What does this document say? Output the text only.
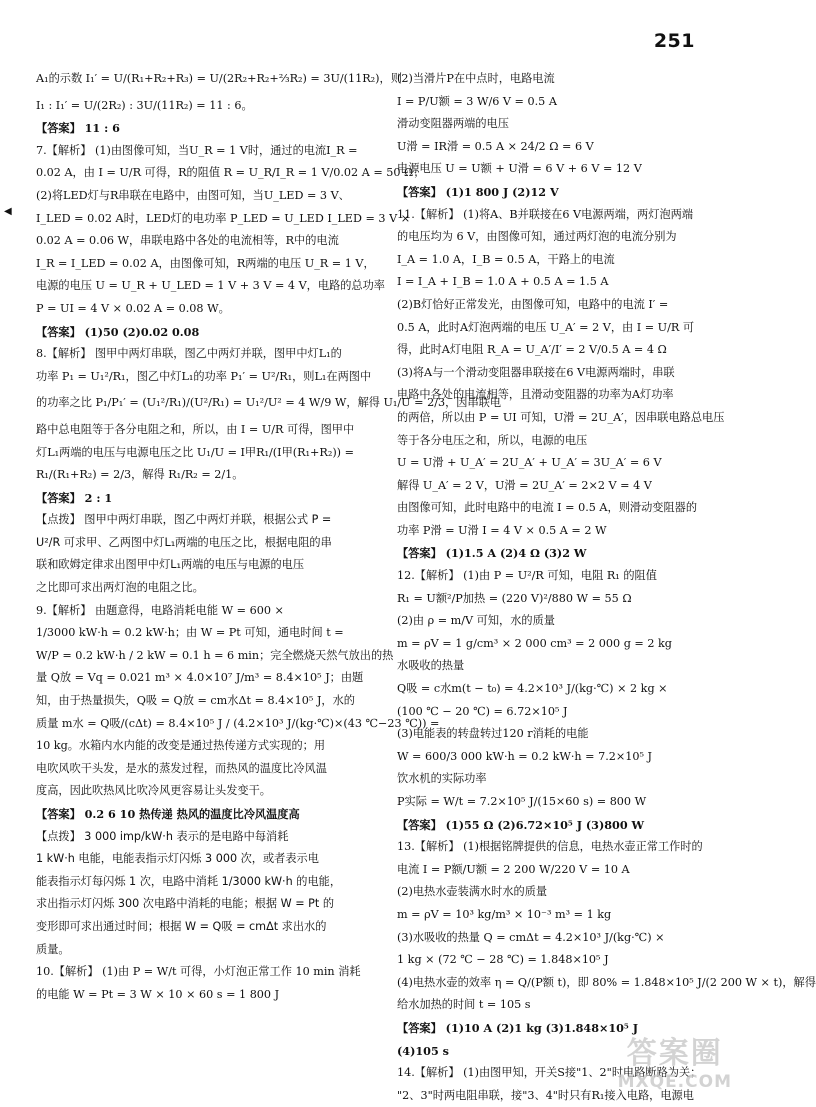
251
◀
A₁的示数 I₁′ = U/(R₁+R₂+R₃) = U/(2R₂+R₂+⅔R₂) = 3U/(11R₂)，则
I₁ : I₁′ = U/(2R₂) : 3U/(11R₂) = 11 : 6。
【答案】 11 : 6
7.【解析】 (1)由图像可知，当U_R = 1 V时，通过的电流I_R =
0.02 A，由 I = U/R 可得，R的阻值 R = U_R/I_R = 1 V/0.02 A = 50 Ω；
(2)将LED灯与R串联在电路中，由图可知，当U_LED = 3 V、
I_LED = 0.02 A时，LED灯的电功率 P_LED = U_LED I_LED = 3 V ×
0.02 A = 0.06 W，串联电路中各处的电流相等，R中的电流
I_R = I_LED = 0.02 A，由图像可知，R两端的电压 U_R = 1 V，
电源的电压 U = U_R + U_LED = 1 V + 3 V = 4 V，电路的总功率
P = UI = 4 V × 0.02 A = 0.08 W。
【答案】 (1)50 (2)0.02 0.08
8.【解析】 图甲中两灯串联，图乙中两灯并联，图甲中灯L₁的
功率 P₁ = U₁²/R₁，图乙中灯L₁的功率 P₁′ = U²/R₁，则L₁在两图中
的功率之比 P₁/P₁′ = (U₁²/R₁)/(U²/R₁) = U₁²/U² = 4 W/9 W，解得 U₁/U = 2/3，因串联电
路中总电阻等于各分电阻之和，所以，由 I = U/R 可得，图甲中
灯L₁两端的电压与电源电压之比 U₁/U = I甲R₁/(I甲(R₁+R₂)) =
R₁/(R₁+R₂) = 2/3，解得 R₁/R₂ = 2/1。
【答案】 2 : 1
【点拨】 图甲中两灯串联，图乙中两灯并联，根据公式 P =
U²/R 可求甲、乙两图中灯L₁两端的电压之比，根据电阻的串
联和欧姆定律求出图甲中灯L₁两端的电压与电源的电压
之比即可求出两灯泡的电阻之比。
9.【解析】 由题意得，电路消耗电能 W = 600 ×
1/3000 kW·h = 0.2 kW·h；由 W = Pt 可知，通电时间 t =
W/P = 0.2 kW·h / 2 kW = 0.1 h = 6 min；完全燃烧天然气放出的热
量 Q放 = Vq = 0.021 m³ × 4.0×10⁷ J/m³ = 8.4×10⁵ J；由题
知，由于热量损失，Q吸 = Q放 = cm水Δt = 8.4×10⁵ J，水的
质量 m水 = Q吸/(cΔt) = 8.4×10⁵ J / (4.2×10³ J/(kg·℃)×(43 ℃−23 ℃)) =
10 kg。水箱内水内能的改变是通过热传递方式实现的；用
电吹风吹干头发，是水的蒸发过程，而热风的温度比冷风温
度高，因此吹热风比吹冷风更容易让头发变干。
【答案】 0.2 6 10 热传递 热风的温度比冷风温度高
【点拨】 3 000 imp/kW·h 表示的是电路中每消耗
1 kW·h 电能，电能表指示灯闪烁 3 000 次，或者表示电
能表指示灯每闪烁 1 次，电路中消耗 1/3000 kW·h 的电能，
求出指示灯闪烁 300 次电路中消耗的电能；根据 W = Pt 的
变形即可求出通过时间；根据 W = Q吸 = cmΔt 求出水的
质量。
10.【解析】 (1)由 P = W/t 可得，小灯泡正常工作 10 min 消耗
的电能 W = Pt = 3 W × 10 × 60 s = 1 800 J
(2)当滑片P在中点时，电路电流
I = P/U额 = 3 W/6 V = 0.5 A
滑动变阻器两端的电压
U滑 = IR滑 = 0.5 A × 24/2 Ω = 6 V
电源电压 U = U额 + U滑 = 6 V + 6 V = 12 V
【答案】 (1)1 800 J (2)12 V
11.【解析】 (1)将A、B并联接在6 V电源两端，两灯泡两端
的电压均为 6 V，由图像可知，通过两灯泡的电流分别为
I_A = 1.0 A，I_B = 0.5 A，干路上的电流
I = I_A + I_B = 1.0 A + 0.5 A = 1.5 A
(2)B灯恰好正常发光，由图像可知，电路中的电流 I′ =
0.5 A，此时A灯泡两端的电压 U_A′ = 2 V，由 I = U/R 可
得，此时A灯电阻 R_A = U_A′/I′ = 2 V/0.5 A = 4 Ω
(3)将A与一个滑动变阻器串联接在6 V电源两端时，串联
电路中各处的电流相等，且滑动变阻器的功率为A灯功率
的两倍，所以由 P = UI 可知，U滑 = 2U_A′，因串联电路总电压
等于各分电压之和，所以，电源的电压
U = U滑 + U_A′ = 2U_A′ + U_A′ = 3U_A′ = 6 V
解得 U_A′ = 2 V，U滑 = 2U_A′ = 2×2 V = 4 V
由图像可知，此时电路中的电流 I = 0.5 A，则滑动变阻器的
功率 P滑 = U滑 I = 4 V × 0.5 A = 2 W
【答案】 (1)1.5 A (2)4 Ω (3)2 W
12.【解析】 (1)由 P = U²/R 可知，电阻 R₁ 的阻值
R₁ = U额²/P加热 = (220 V)²/880 W = 55 Ω
(2)由 ρ = m/V 可知，水的质量
m = ρV = 1 g/cm³ × 2 000 cm³ = 2 000 g = 2 kg
水吸收的热量
Q吸 = c水m(t − t₀) = 4.2×10³ J/(kg·℃) × 2 kg ×
(100 ℃ − 20 ℃) = 6.72×10⁵ J
(3)电能表的转盘转过120 r消耗的电能
W = 600/3 000 kW·h = 0.2 kW·h = 7.2×10⁵ J
饮水机的实际功率
P实际 = W/t = 7.2×10⁵ J/(15×60 s) = 800 W
【答案】 (1)55 Ω (2)6.72×10⁵ J (3)800 W
13.【解析】 (1)根据铭牌提供的信息，电热水壶正常工作时的
电流 I = P额/U额 = 2 200 W/220 V = 10 A
(2)电热水壶装满水时水的质量
m = ρV = 10³ kg/m³ × 10⁻³ m³ = 1 kg
(3)水吸收的热量 Q = cmΔt = 4.2×10³ J/(kg·℃) ×
1 kg × (72 ℃ − 28 ℃) = 1.848×10⁵ J
(4)电热水壶的效率 η = Q/(P额 t)，即 80% = 1.848×10⁵ J/(2 200 W × t)，解得
给水加热的时间 t = 105 s
【答案】 (1)10 A (2)1 kg (3)1.848×10⁵ J
(4)105 s
14.【解析】 (1)由图甲知，开关S接"1、2"时电路断路为关；
"2、3"时两电阻串联，接"3、4"时只有R₁接入电路，电源电
答案圈
MXQE.COM
